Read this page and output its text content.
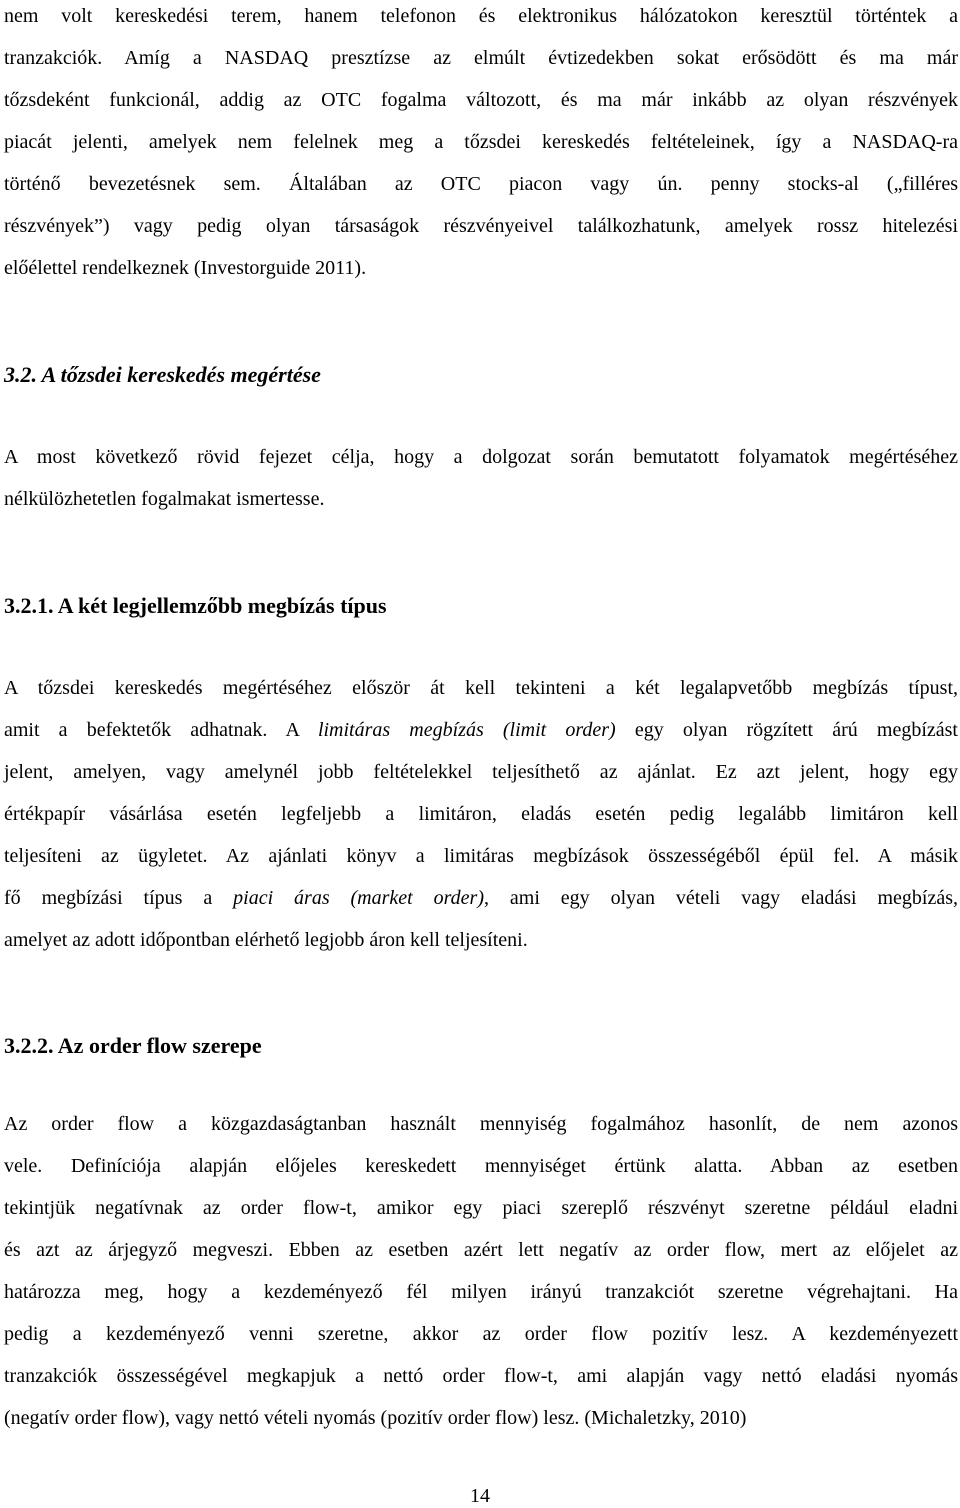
nem volt kereskedési terem, hanem telefonon és elektronikus hálózatokon keresztül történtek a
tranzakciók. Amíg a NASDAQ presztízse az elmúlt évtizedekben sokat erősödött és ma már
tőzsdeként funkcionál, addig az OTC fogalma változott, és ma már inkább az olyan részvények
piacát jelenti, amelyek nem felelnek meg a tőzsdei kereskedés feltételeinek, így a NASDAQ-ra
történő bevezetésnek sem. Általában az OTC piacon vagy ún. penny stocks-al („filléres
részvények”) vagy pedig olyan társaságok részvényeivel találkozhatunk, amelyek rossz hitelezési
előélettel rendelkeznek (Investorguide 2011).
3.2. A tőzsdei kereskedés megértése
A most következő rövid fejezet célja, hogy a dolgozat során bemutatott folyamatok megértéséhez
nélkülözhetetlen fogalmakat ismertesse.
3.2.1. A két legjellemzőbb megbízás típus
A tőzsdei kereskedés megértéséhez először át kell tekinteni a két legalapvetőbb megbízás típust,
amit a befektetők adhatnak. A limitáras megbízás (limit order) egy olyan rögzített árú megbízást
jelent, amelyen, vagy amelynél jobb feltételekkel teljesíthető az ajánlat. Ez azt jelent, hogy egy
értékpapír vásárlása esetén legfeljebb a limitáron, eladás esetén pedig legalább limitáron kell
teljesíteni az ügyletet. Az ajánlati könyv a limitáras megbízások összességéből épül fel. A másik
fő megbízási típus a piaci áras (market order), ami egy olyan vételi vagy eladási megbízás,
amelyet az adott időpontban elérhető legjobb áron kell teljesíteni.
3.2.2. Az order flow szerepe
Az order flow a közgazdaságtanban használt mennyiség fogalmához hasonlít, de nem azonos
vele. Definíciója alapján előjeles kereskedett mennyiséget értünk alatta. Abban az esetben
tekintjük negatívnak az order flow-t, amikor egy piaci szereplő részvényt szeretne például eladni
és azt az árjegyző megveszi. Ebben az esetben azért lett negatív az order flow, mert az előjelet az
határozza meg, hogy a kezdeményező fél milyen irányú tranzakciót szeretne végrehajtani. Ha
pedig a kezdeményező venni szeretne, akkor az order flow pozitív lesz. A kezdeményezett
tranzakciók összességével megkapjuk a nettó order flow-t, ami alapján vagy nettó eladási nyomás
(negatív order flow), vagy nettó vételi nyomás (pozitív order flow) lesz. (Michaletzky, 2010)
14
